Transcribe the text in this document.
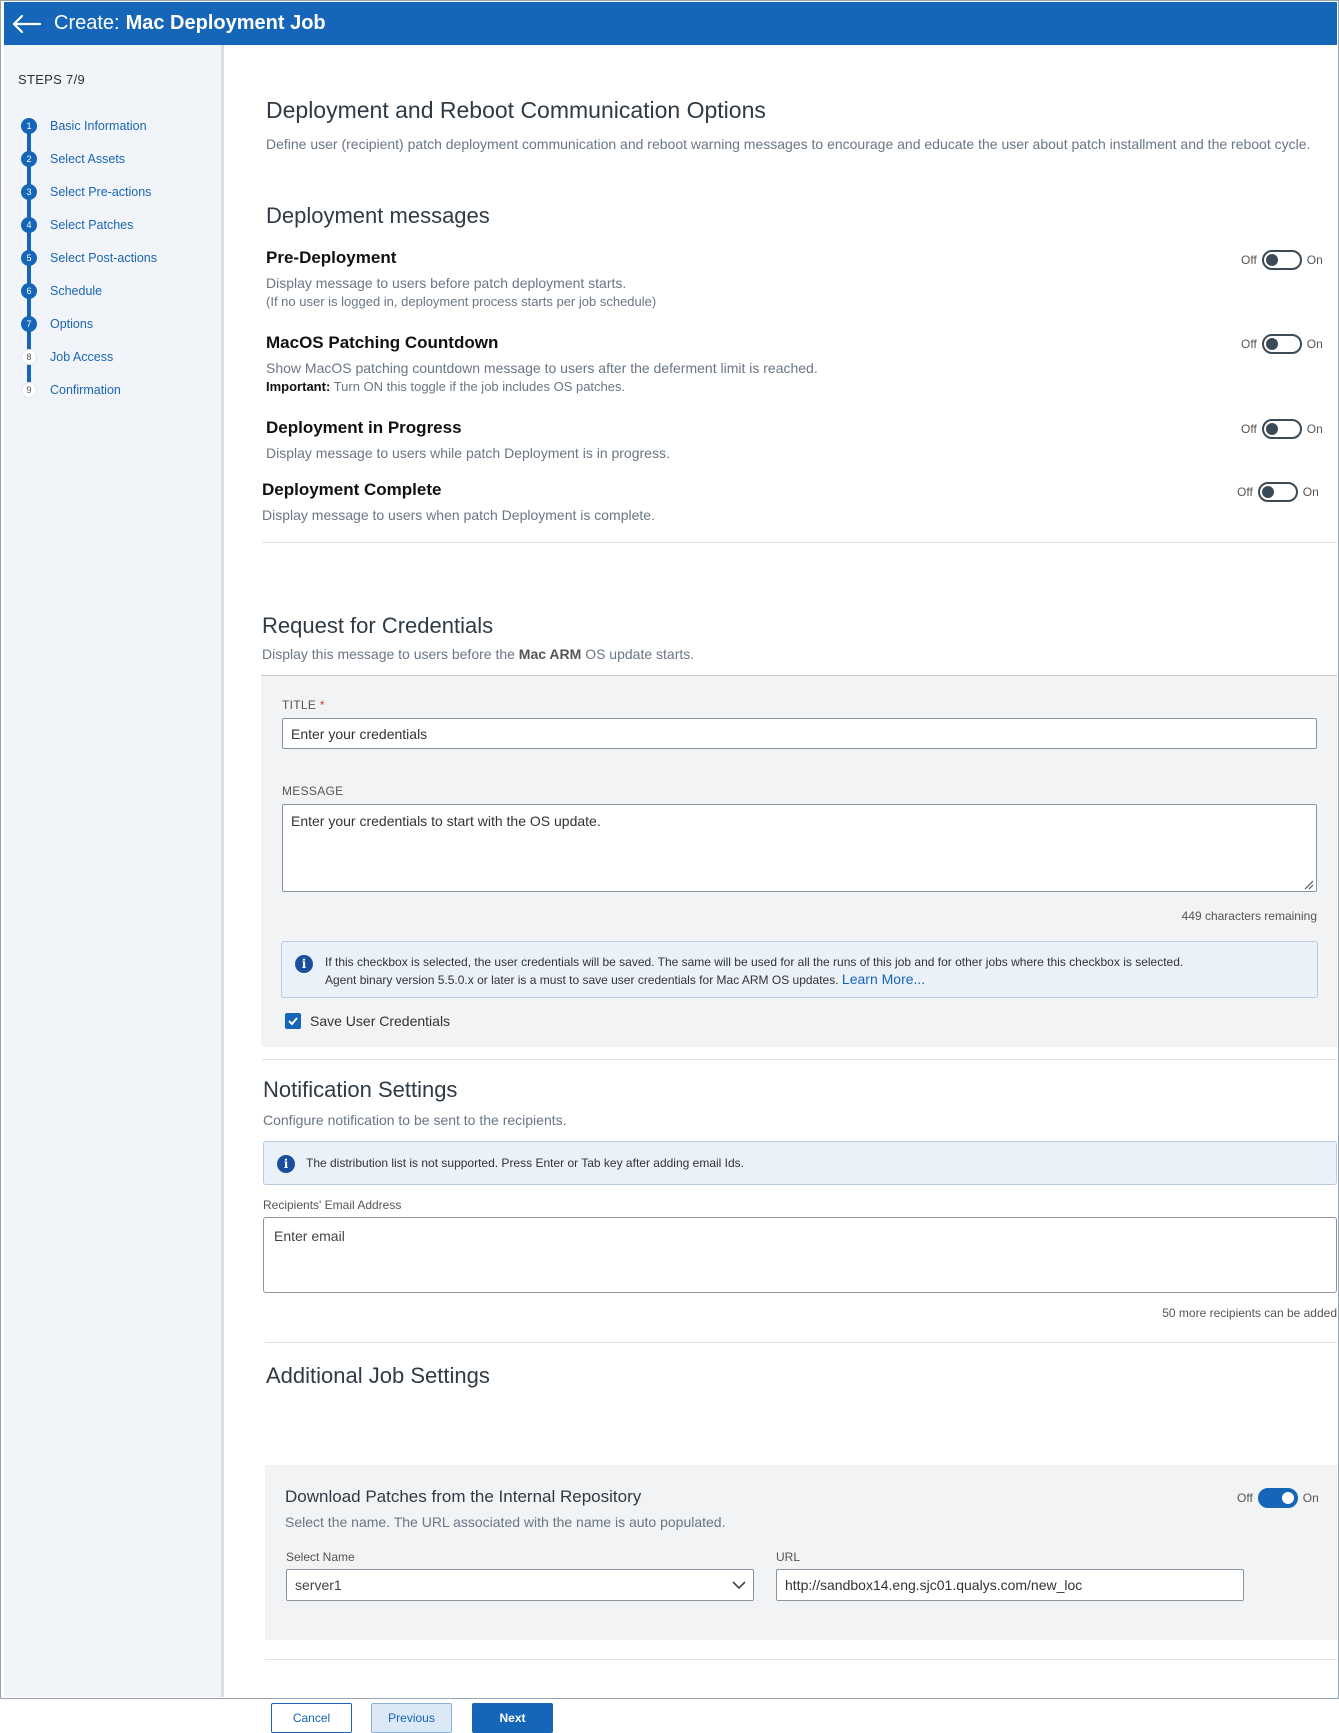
Create: Mac Deployment Job
STEPS 7/9
1	Basic Information
2	Select Assets
3	Select Pre-actions
4	Select Patches
5	Select Post-actions
6	Schedule
7	Options
8	Job Access
9	Confirmation
Deployment and Reboot Communication Options
Define user (recipient) patch deployment communication and reboot warning messages to encourage and educate the user about patch installment and the reboot cycle.
Deployment messages
Pre-Deployment
Display message to users before patch deployment starts.
(If no user is logged in, deployment process starts per job schedule)
Off	On
MacOS Patching Countdown
Show MacOS patching countdown message to users after the deferment limit is reached.
Important: Turn ON this toggle if the job includes OS patches.
Off	On
Deployment in Progress
Display message to users while patch Deployment is in progress.
Off	On
Deployment Complete
Display message to users when patch Deployment is complete.
Off	On
Request for Credentials
Display this message to users before the Mac ARM OS update starts.
TITLE *
Enter your credentials
MESSAGE
Enter your credentials to start with the OS update.
449 characters remaining
i	If this checkbox is selected, the user credentials will be saved. The same will be used for all the runs of this job and for other jobs where this checkbox is selected.
Agent binary version 5.5.0.x or later is a must to save user credentials for Mac ARM OS updates. Learn More...
Save User Credentials
Notification Settings
Configure notification to be sent to the recipients.
i	The distribution list is not supported. Press Enter or Tab key after adding email Ids.
Recipients' Email Address
Enter email
50 more recipients can be added
Additional Job Settings
Download Patches from the Internal Repository
Select the name. The URL associated with the name is auto populated.
Off	On
Select Name
server1
URL
http://sandbox14.eng.sjc01.qualys.com/new_loc
Cancel	Previous	Next
